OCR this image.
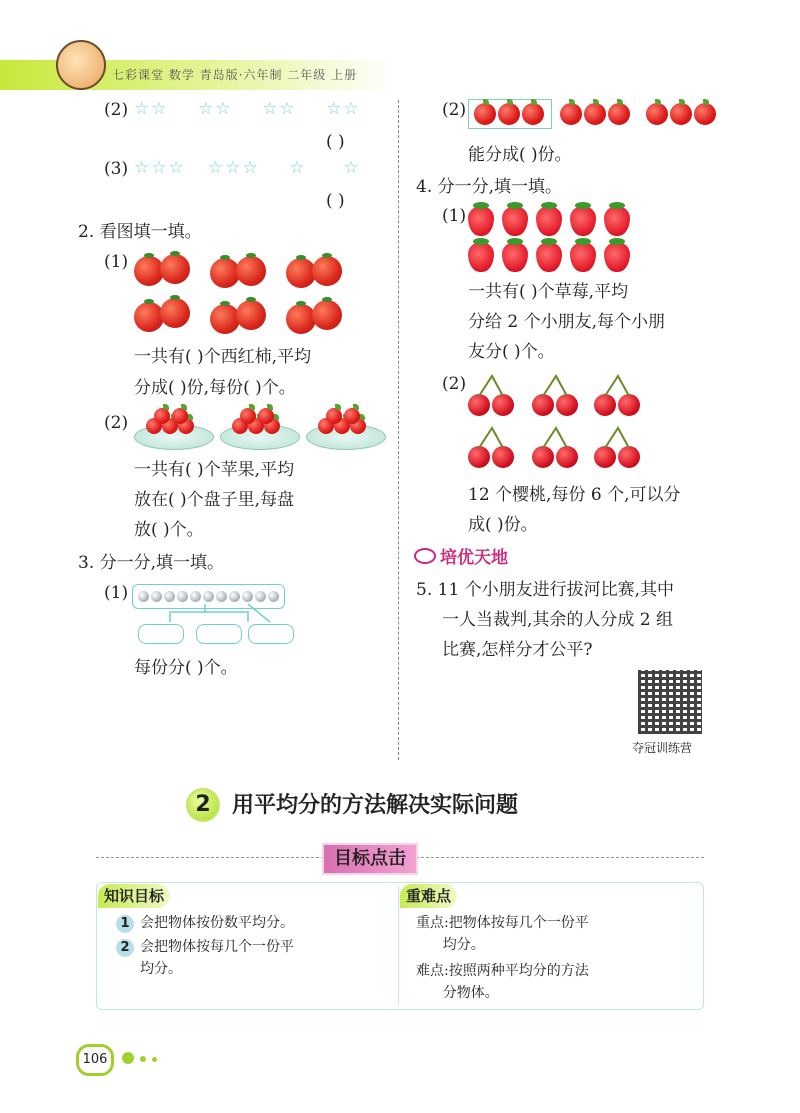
七彩课堂 数学 青岛版·六年制 二年级 上册
(2) ☆☆    ☆☆    ☆☆    ☆☆
( )
(3) ☆☆☆   ☆☆☆    ☆     ☆
( )
2. 看图填一填。
(1)
一共有( )个西红柿,平均
分成( )份,每份( )个。
(2)
一共有( )个苹果,平均
放在( )个盘子里,每盘
放( )个。
3. 分一分,填一填。
(1)
每份分( )个。
(2)
能分成( )份。
4. 分一分,填一填。
(1)
一共有( )个草莓,平均
分给 2 个小朋友,每个小朋
友分( )个。
(2)
12 个樱桃,每份 6 个,可以分
成( )份。
培优天地
5. 11 个小朋友进行拔河比赛,其中
一人当裁判,其余的人分成 2 组
比赛,怎样分才公平?
夺冠训练营
2 用平均分的方法解决实际问题
目标点击
知识目标
1 会把物体按份数平均分。
2 会把物体按每几个一份平
均分。
重难点
重点:把物体按每几个一份平
均分。
难点:按照两种平均分的方法
分物体。
106
